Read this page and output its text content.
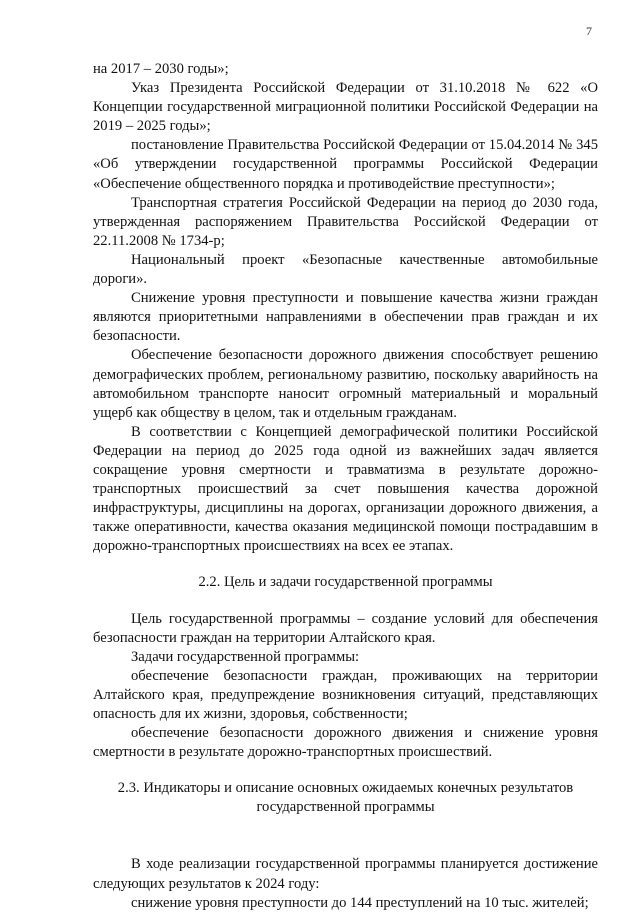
7

на 2017 – 2030 годы»;

Указ Президента Российской Федерации от 31.10.2018 № 622 «О Концепции государственной миграционной политики Российской Федерации на 2019 – 2025 годы»;

постановление Правительства Российской Федерации от 15.04.2014 № 345 «Об утверждении государственной программы Российской Федерации «Обеспечение общественного порядка и противодействие преступности»;

Транспортная стратегия Российской Федерации на период до 2030 года, утвержденная распоряжением Правительства Российской Федерации от 22.11.2008 № 1734-р;

Национальный проект «Безопасные качественные автомобильные дороги».

Снижение уровня преступности и повышение качества жизни граждан являются приоритетными направлениями в обеспечении прав граждан и их безопасности.

Обеспечение безопасности дорожного движения способствует решению демографических проблем, региональному развитию, поскольку аварийность на автомобильном транспорте наносит огромный материальный и моральный ущерб как обществу в целом, так и отдельным гражданам.

В соответствии с Концепцией демографической политики Российской Федерации на период до 2025 года одной из важнейших задач является сокращение уровня смертности и травматизма в результате дорожно-транспортных происшествий за счет повышения качества дорожной инфраструктуры, дисциплины на дорогах, организации дорожного движения, а также оперативности, качества оказания медицинской помощи пострадавшим в дорожно-транспортных происшествиях на всех ее этапах.

2.2. Цель и задачи государственной программы

Цель государственной программы – создание условий для обеспечения безопасности граждан на территории Алтайского края.

Задачи государственной программы:

обеспечение безопасности граждан, проживающих на территории Алтайского края, предупреждение возникновения ситуаций, представляющих опасность для их жизни, здоровья, собственности;

обеспечение безопасности дорожного движения и снижение уровня смертности в результате дорожно-транспортных происшествий.

2.3. Индикаторы и описание основных ожидаемых конечных результатов
государственной программы

В ходе реализации государственной программы планируется достижение следующих результатов к 2024 году:

снижение уровня преступности до 144 преступлений на 10 тыс. жителей;
